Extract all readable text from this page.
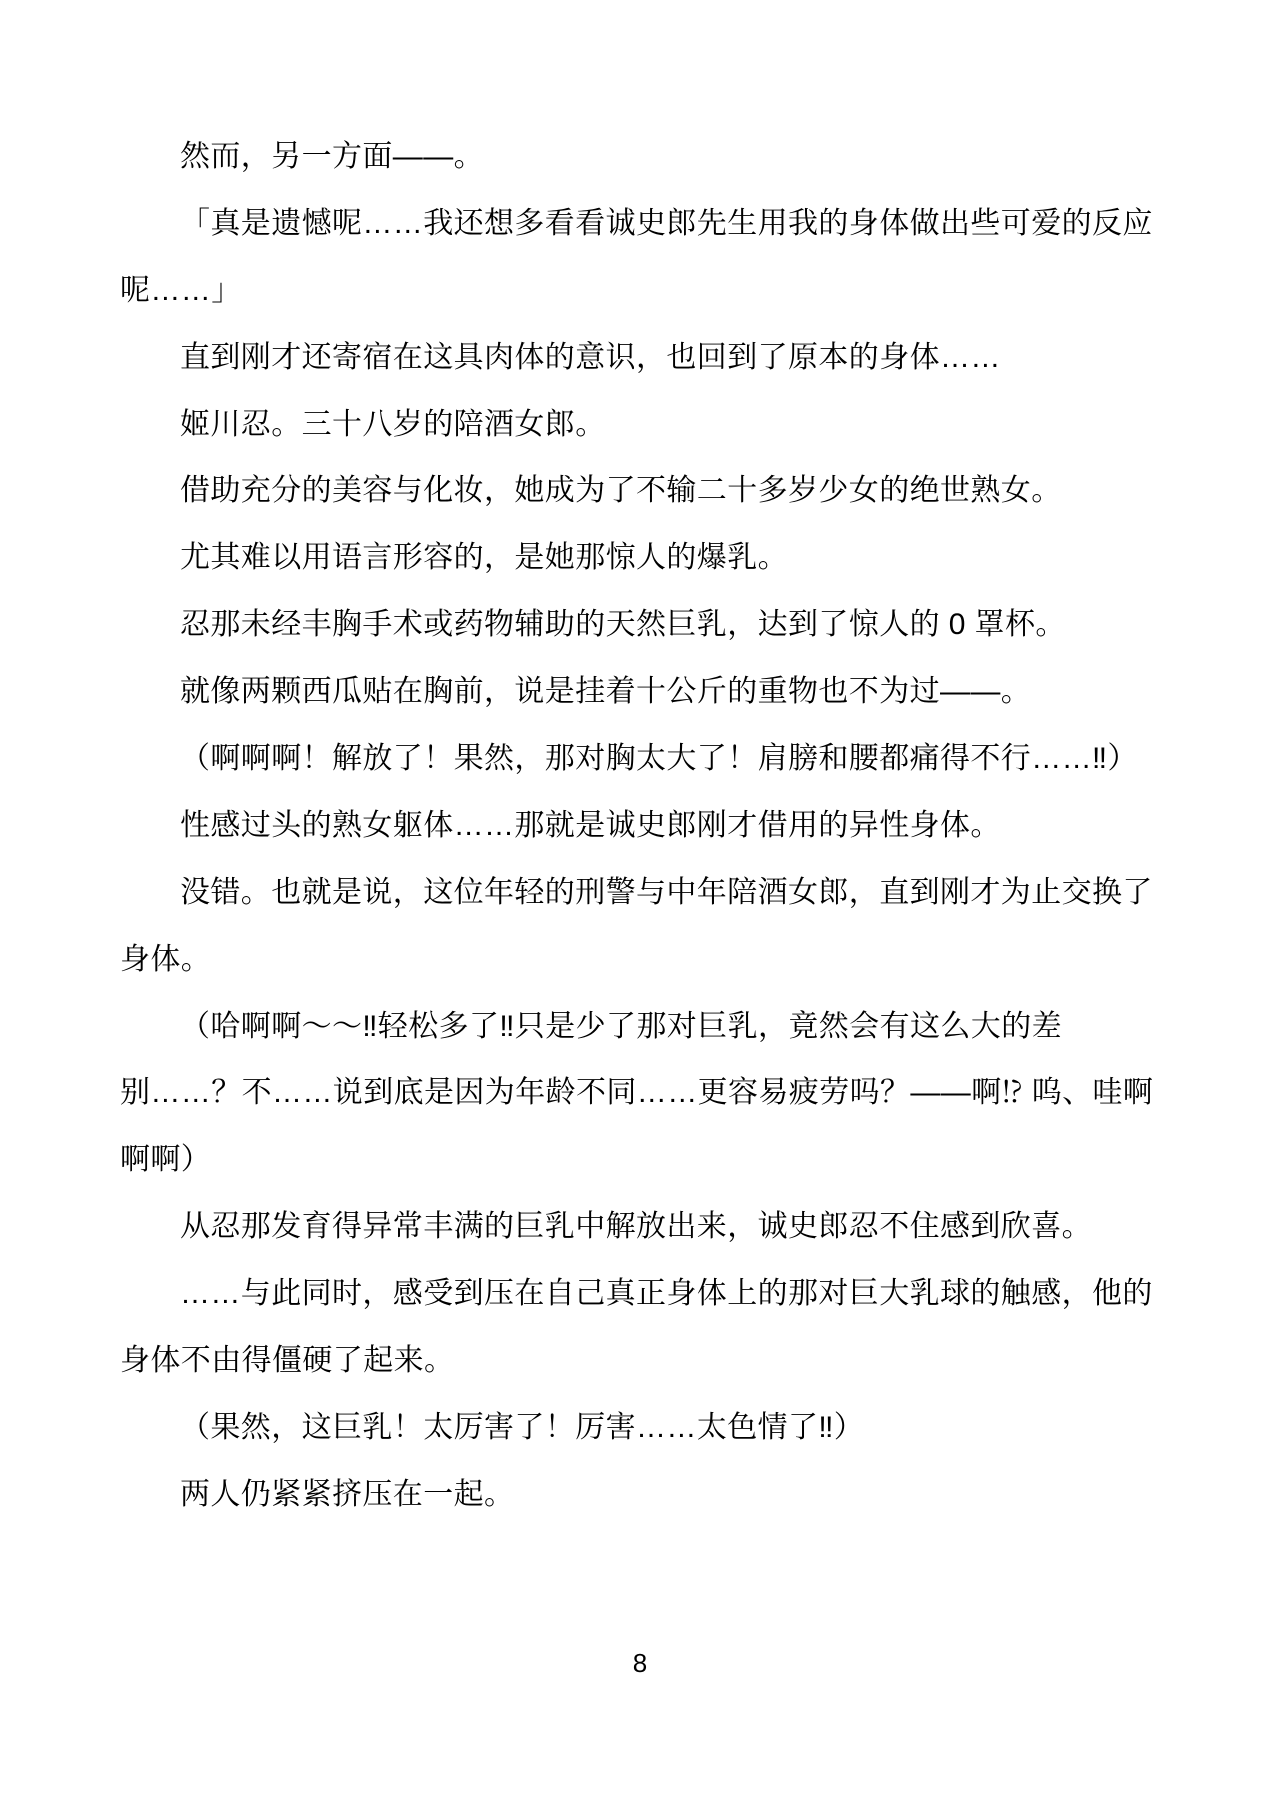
然而，另一方面——。
「真是遗憾呢……我还想多看看诚史郎先生用我的身体做出些可爱的反应
呢……」
直到刚才还寄宿在这具肉体的意识，也回到了原本的身体……
姬川忍。三十八岁的陪酒女郎。
借助充分的美容与化妆，她成为了不输二十多岁少女的绝世熟女。
尤其难以用语言形容的，是她那惊人的爆乳。
忍那未经丰胸手术或药物辅助的天然巨乳，达到了惊人的 0 罩杯。
就像两颗西瓜贴在胸前，说是挂着十公斤的重物也不为过——。
（啊啊啊！解放了！果然，那对胸太大了！肩膀和腰都痛得不行……‼）
性感过头的熟女躯体……那就是诚史郎刚才借用的异性身体。
没错。也就是说，这位年轻的刑警与中年陪酒女郎，直到刚才为止交换了
身体。
（哈啊啊～～‼轻松多了‼只是少了那对巨乳，竟然会有这么大的差
别……？不……说到底是因为年龄不同……更容易疲劳吗？——啊⁉ 呜、哇啊
啊啊）
从忍那发育得异常丰满的巨乳中解放出来，诚史郎忍不住感到欣喜。
……与此同时，感受到压在自己真正身体上的那对巨大乳球的触感，他的
身体不由得僵硬了起来。
（果然，这巨乳！太厉害了！厉害……太色情了‼）
两人仍紧紧挤压在一起。
8
